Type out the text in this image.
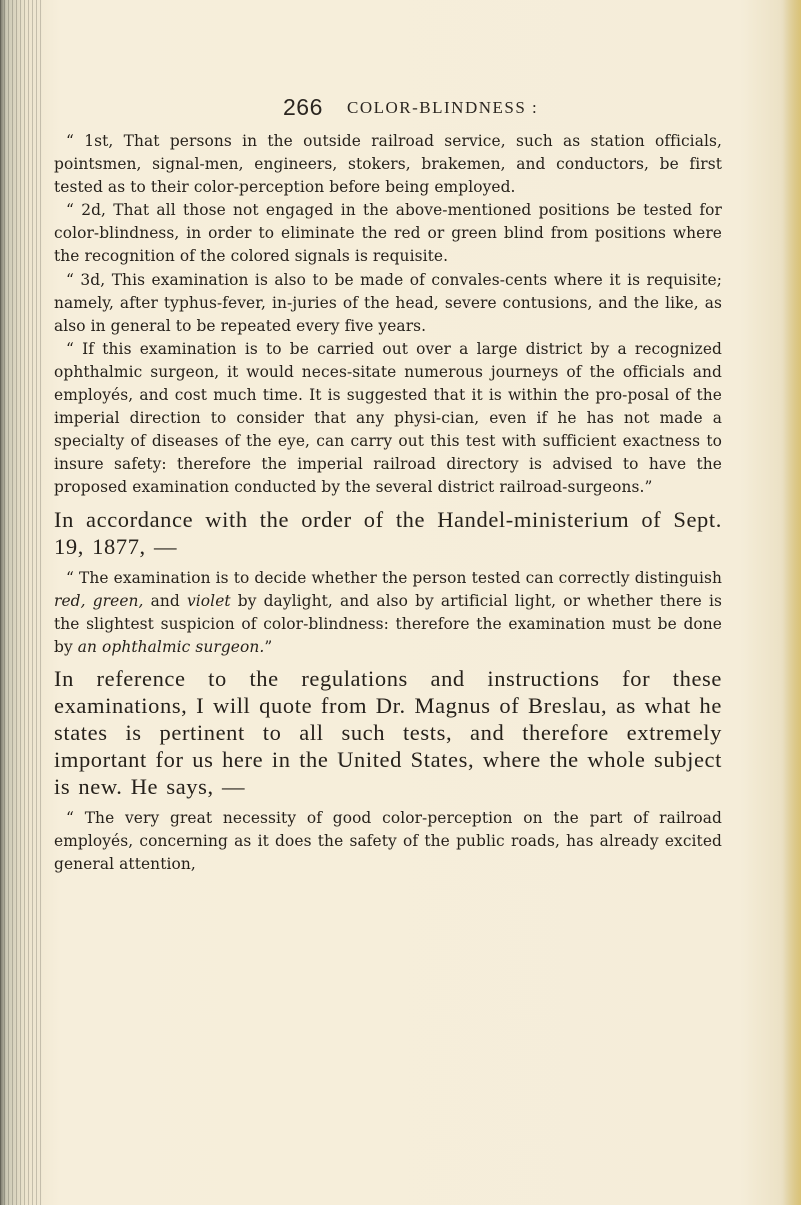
266 COLOR-BLINDNESS :

“ 1st, That persons in the outside railroad service, such as station officials, pointsmen, signal-men, engineers, stokers, brakemen, and conductors, be first tested as to their color-perception before being employed.

“ 2d, That all those not engaged in the above-mentioned positions be tested for color-blindness, in order to eliminate the red or green blind from positions where the recognition of the colored signals is requisite.

“ 3d, This examination is also to be made of convales-cents where it is requisite; namely, after typhus-fever, in-juries of the head, severe contusions, and the like, as also in general to be repeated every five years.

“ If this examination is to be carried out over a large district by a recognized ophthalmic surgeon, it would neces-sitate numerous journeys of the officials and employés, and cost much time. It is suggested that it is within the pro-posal of the imperial direction to consider that any physi-cian, even if he has not made a specialty of diseases of the eye, can carry out this test with sufficient exactness to insure safety: therefore the imperial railroad directory is advised to have the proposed examination conducted by the several district railroad-surgeons.”

In accordance with the order of the Handel-ministerium of Sept. 19, 1877, —

“ The examination is to decide whether the person tested can correctly distinguish red, green, and violet by daylight, and also by artificial light, or whether there is the slightest suspicion of color-blindness: therefore the examination must be done by an ophthalmic surgeon.”

In reference to the regulations and instructions for these examinations, I will quote from Dr. Magnus of Breslau, as what he states is pertinent to all such tests, and therefore extremely important for us here in the United States, where the whole subject is new. He says, —

“ The very great necessity of good color-perception on the part of railroad employés, concerning as it does the safety of the public roads, has already excited general attention,
